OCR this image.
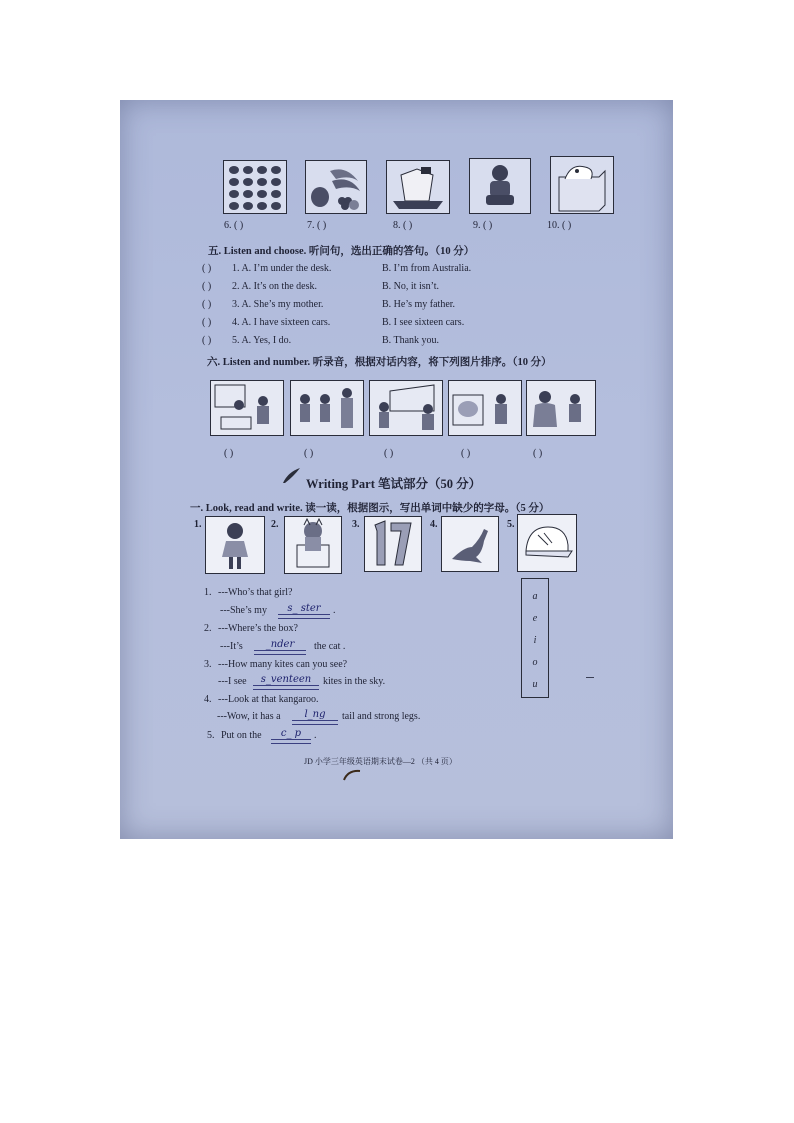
6. ( )	7. ( )	8. ( )	9. ( )	10. ( )
五. Listen and choose. 听问句，选出正确的答句。（10 分）
( ) 1. A. I’m under the desk.	B. I’m from Australia.
( ) 2. A. It’s on the desk.	B. No, it isn’t.
( ) 3. A. She’s my mother.	B. He’s my father.
( ) 4. A. I have sixteen cars.	B. I see sixteen cars.
( ) 5. A. Yes, I do.	B. Thank you.
六. Listen and number. 听录音，根据对话内容，将下列图片排序。（10 分）
( )	( )	( )	( )	( )
Writing Part 笔试部分（50 分）
一. Look, read and write. 读一读，根据图示，写出单词中缺少的字母。（5 分）
1.	2.	3.	4.	5.
1. ---Who’s that girl?
---She’s my	s_ ster	.
2. ---Where’s the box?
---It’s	_nder	the cat .
3. ---How many kites can you see?
---I see	s_venteen	kites in the sky.
4. ---Look at that kangaroo.
---Wow, it has a	l_ng	tail and strong legs.
5. Put on the	c_ p	.
a
e
i
o
u
JD 小学三年级英语期末试卷—2 （共 4 页）
